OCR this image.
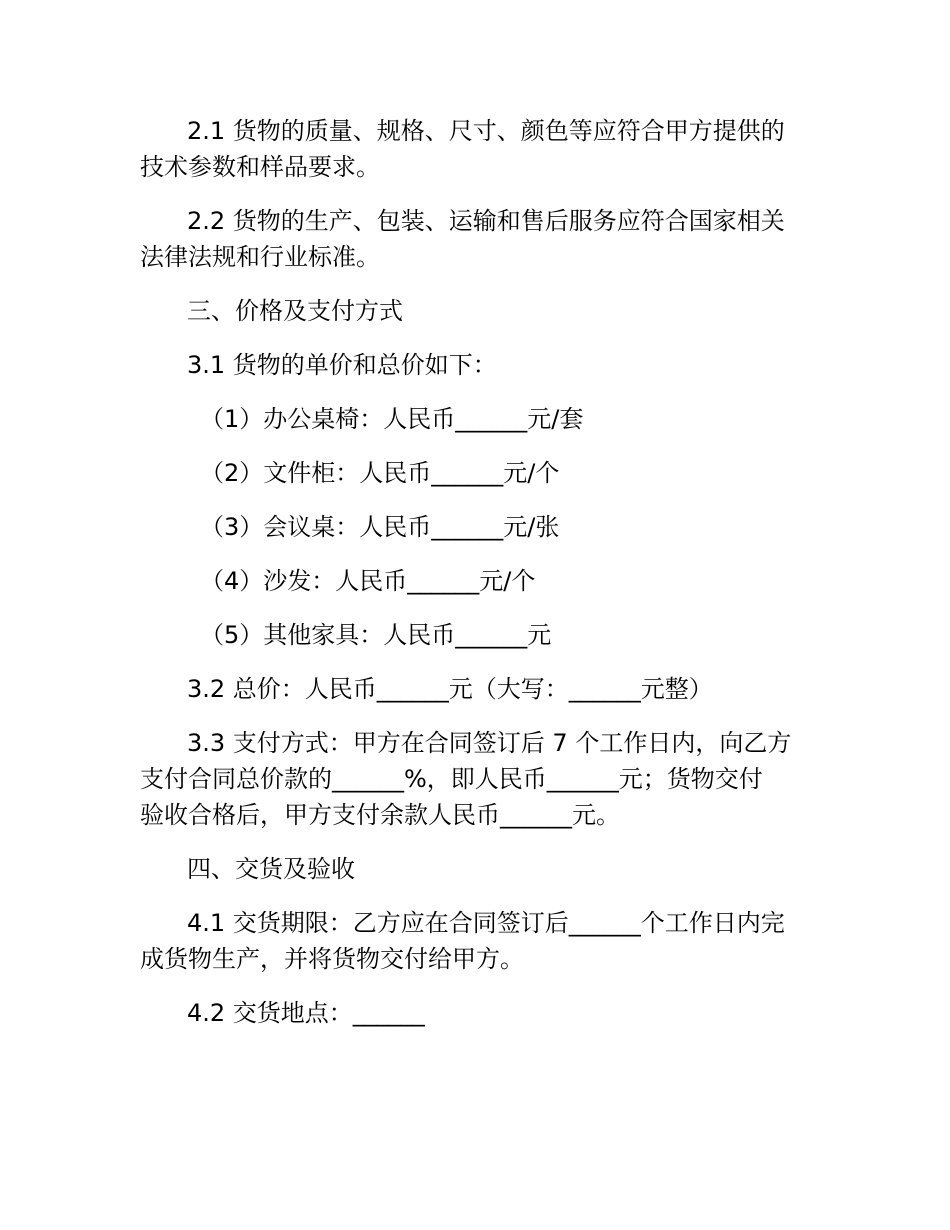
2.1 货物的质量、规格、尺寸、颜色等应符合甲方提供的
技术参数和样品要求。
2.2 货物的生产、包装、运输和售后服务应符合国家相关
法律法规和行业标准。
三、价格及支付方式
3.1 货物的单价和总价如下：
（1）办公桌椅：人民币______元/套
（2）文件柜：人民币______元/个
（3）会议桌：人民币______元/张
（4）沙发：人民币______元/个
（5）其他家具：人民币______元
3.2 总价：人民币______元（大写：______元整）
3.3 支付方式：甲方在合同签订后 7 个工作日内，向乙方
支付合同总价款的______%，即人民币______元；货物交付
验收合格后，甲方支付余款人民币______元。
四、交货及验收
4.1 交货期限：乙方应在合同签订后______个工作日内完
成货物生产，并将货物交付给甲方。
4.2 交货地点：______
